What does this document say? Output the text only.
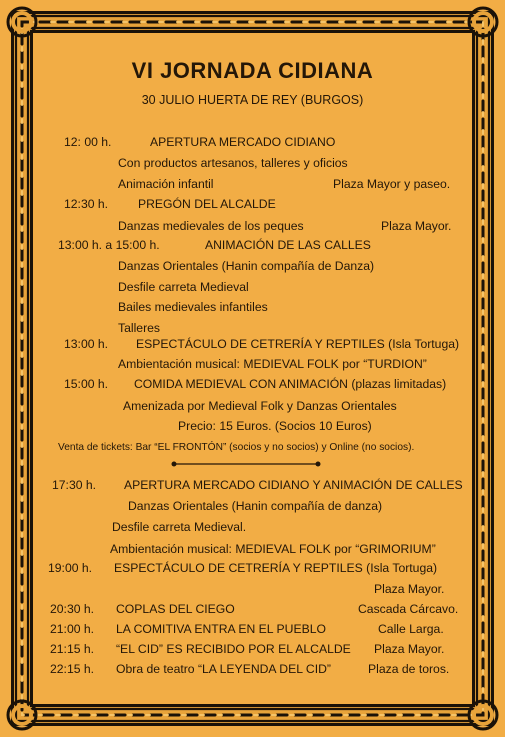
VI JORNADA CIDIANA
30 JULIO HUERTA DE REY (BURGOS)
12: 00 h.	APERTURA MERCADO CIDIANO
Con productos artesanos, talleres y oficios
Animación infantil	Plaza Mayor y paseo.
12:30 h. PREGÓN DEL ALCALDE
Danzas medievales de los peques	Plaza Mayor.
13:00 h. a 15:00 h.	ANIMACIÓN DE LAS CALLES
Danzas Orientales (Hanin compañía de Danza)
Desfile carreta Medieval
Bailes medievales infantiles
Talleres
13:00 h. ESPECTÁCULO DE CETRERÍA Y REPTILES (Isla Tortuga)
Ambientación musical: MEDIEVAL FOLK por “TURDION”
15:00 h. COMIDA MEDIEVAL CON ANIMACIÓN (plazas limitadas)
Amenizada por Medieval Folk y Danzas Orientales
Precio: 15 Euros. (Socios 10 Euros)
Venta de tickets: Bar “EL FRONTÓN” (socios y no socios) y Online (no socios).
17:30 h. APERTURA MERCADO CIDIANO Y ANIMACIÓN DE CALLES
Danzas Orientales (Hanin compañía de danza)
Desfile carreta Medieval.
Ambientación musical: MEDIEVAL FOLK por “GRIMORIUM”
19:00 h. ESPECTÁCULO DE CETRERÍA Y REPTILES (Isla Tortuga)
Plaza Mayor.
20:30 h. COPLAS DEL CIEGO	Cascada Cárcavo.
21:00 h. LA COMITIVA ENTRA EN EL PUEBLO	Calle Larga.
21:15 h. “EL CID” ES RECIBIDO POR EL ALCALDE Plaza Mayor.
22:15 h. Obra de teatro “LA LEYENDA DEL CID”	Plaza de toros.
